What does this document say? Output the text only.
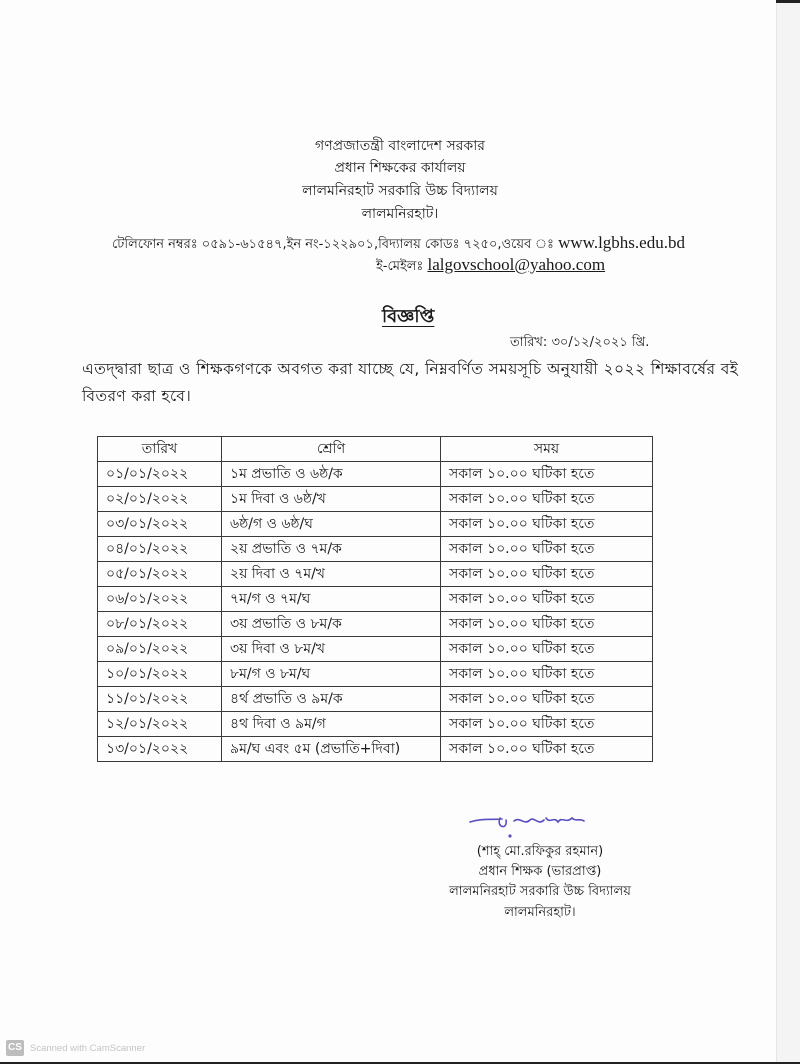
গণপ্রজাতন্ত্রী বাংলাদেশ সরকার
প্রধান শিক্ষকের কার্যালয়
লালমনিরহাট সরকারি উচ্চ বিদ্যালয়
লালমনিরহাট।
টেলিফোন নম্বরঃ ০৫৯১-৬১৫৪৭,ইন নং-১২২৯০১,বিদ্যালয় কোডঃ ৭২৫০,ওয়েব ঃ www.lgbhs.edu.bd
ই-মেইলঃ lalgovschool@yahoo.com
বিজ্ঞপ্তি
তারিখ: ৩০/১২/২০২১ খ্রি.
এতদ্দ্বারা ছাত্র ও শিক্ষকগণকে অবগত করা যাচ্ছে যে, নিম্নবর্ণিত সময়সূচি অনুযায়ী ২০২২ শিক্ষাবর্ষের বই বিতরণ করা হবে।
তারিখ	শ্রেণি	সময়
০১/০১/২০২২	১ম প্রভাতি ও ৬ষ্ঠ/ক	সকাল ১০.০০ ঘটিকা হতে
০২/০১/২০২২	১ম দিবা ও ৬ষ্ঠ/খ	সকাল ১০.০০ ঘটিকা হতে
০৩/০১/২০২২	৬ষ্ঠ/গ ও ৬ষ্ঠ/ঘ	সকাল ১০.০০ ঘটিকা হতে
০৪/০১/২০২২	২য় প্রভাতি ও ৭ম/ক	সকাল ১০.০০ ঘটিকা হতে
০৫/০১/২০২২	২য় দিবা ও ৭ম/খ	সকাল ১০.০০ ঘটিকা হতে
০৬/০১/২০২২	৭ম/গ ও ৭ম/ঘ	সকাল ১০.০০ ঘটিকা হতে
০৮/০১/২০২২	৩য় প্রভাতি ও ৮ম/ক	সকাল ১০.০০ ঘটিকা হতে
০৯/০১/২০২২	৩য় দিবা ও ৮ম/খ	সকাল ১০.০০ ঘটিকা হতে
১০/০১/২০২২	৮ম/গ ও ৮ম/ঘ	সকাল ১০.০০ ঘটিকা হতে
১১/০১/২০২২	৪র্থ প্রভাতি ও ৯ম/ক	সকাল ১০.০০ ঘটিকা হতে
১২/০১/২০২২	৪থ দিবা ও ৯ম/গ	সকাল ১০.০০ ঘটিকা হতে
১৩/০১/২০২২	৯ম/ঘ এবং ৫ম (প্রভাতি+দিবা)	সকাল ১০.০০ ঘটিকা হতে
(শাহ্ মো.রফিকুর রহমান)
প্রধান শিক্ষক (ভারপ্রাপ্ত)
লালমনিরহাট সরকারি উচ্চ বিদ্যালয়
লালমনিরহাট।
CS Scanned with CamScanner
